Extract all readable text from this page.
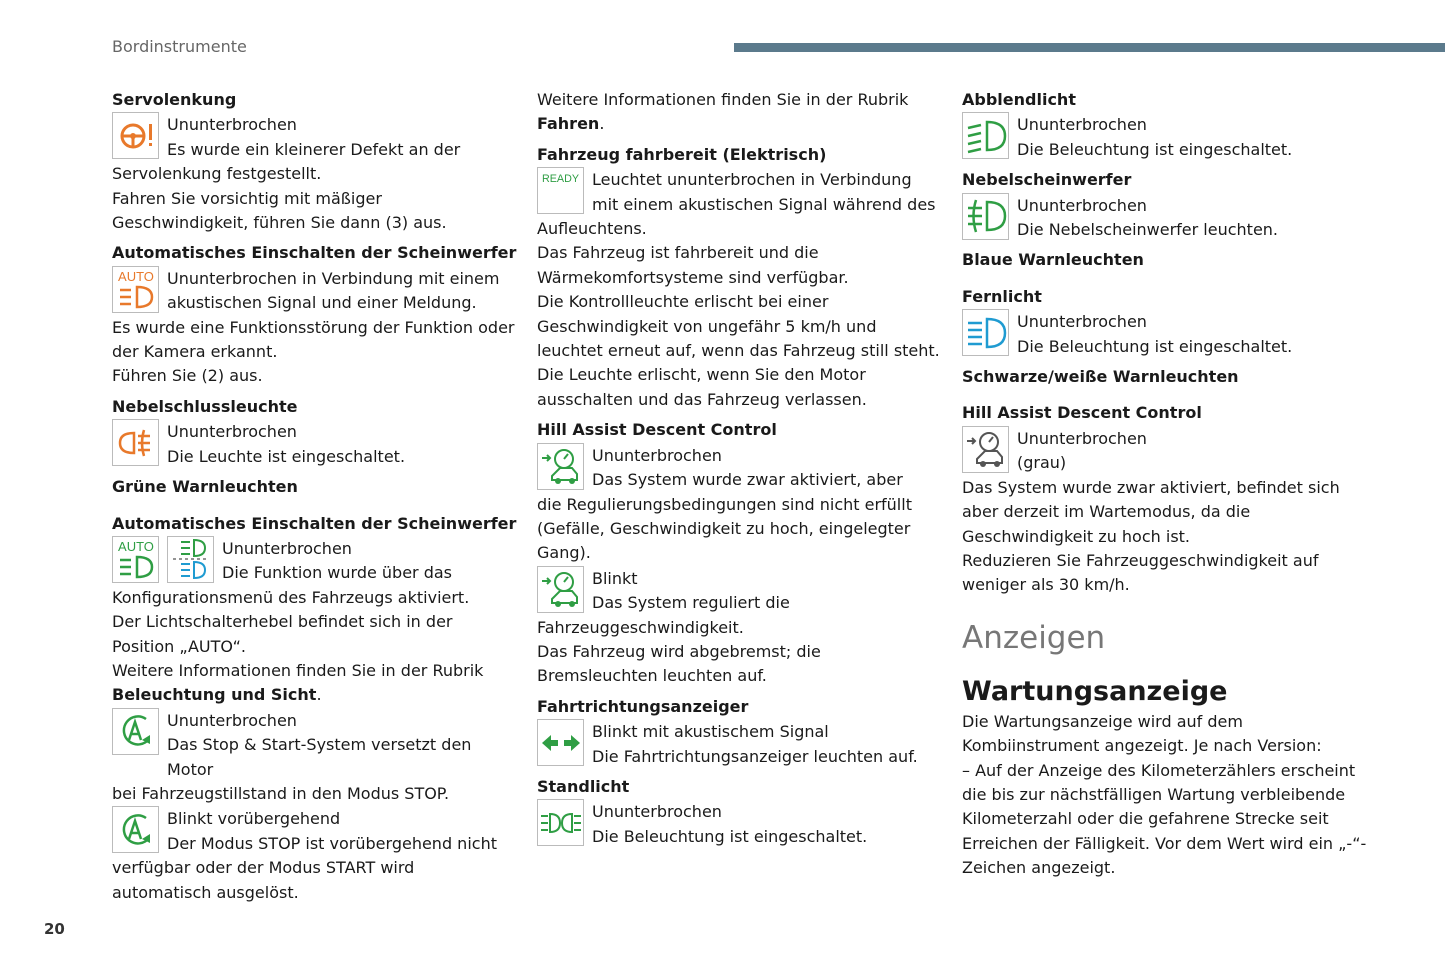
Bordinstrumente
Servolenkung

Ununterbrochen

Es wurde ein kleinerer Defekt an der

Servolenkung festgestellt.

Fahren Sie vorsichtig mit mäßiger Geschwindigkeit, führen Sie dann (3) aus.

Automatisches Einschalten der Scheinwerfer
AUTO Ununterbrochen in Verbindung mit einem

akustischen Signal und einer Meldung.

Es wurde eine Funktionsstörung der Funktion oder der Kamera erkannt.

Führen Sie (2) aus.

Nebelschlussleuchte

Ununterbrochen

Die Leuchte ist eingeschaltet.

Grüne Warnleuchten
Automatisches Einschalten der Scheinwerfer
AUTO	Ununterbrochen

Die Funktion wurde über das

Konfigurationsmenü des Fahrzeugs aktiviert.

Der Lichtschalterhebel befindet sich in der Position „AUTO“.

Weitere Informationen finden Sie in der Rubrik Beleuchtung und Sicht.

Ununterbrochen

Das Stop & Start-System versetzt den Motor

bei Fahrzeugstillstand in den Modus STOP.

Blinkt vorübergehend

Der Modus STOP ist vorübergehend nicht

verfügbar oder der Modus START wird automatisch ausgelöst.

Weitere Informationen finden Sie in der Rubrik
Fahren.

Fahrzeug fahrbereit (Elektrisch)
READY Leuchtet ununterbrochen in Verbindung

mit einem akustischen Signal während des

Aufleuchtens.

Das Fahrzeug ist fahrbereit und die Wärmekomfortsysteme sind verfügbar.

Die Kontrollleuchte erlischt bei einer Geschwindigkeit von ungefähr 5 km/h und leuchtet erneut auf, wenn das Fahrzeug still steht.

Die Leuchte erlischt, wenn Sie den Motor ausschalten und das Fahrzeug verlassen.

Hill Assist Descent Control

Ununterbrochen

Das System wurde zwar aktiviert, aber

die Regulierungsbedingungen sind nicht erfüllt (Gefälle, Geschwindigkeit zu hoch, eingelegter Gang).

Blinkt

Das System reguliert die

Fahrzeuggeschwindigkeit.

Das Fahrzeug wird abgebremst; die Bremsleuchten leuchten auf.

Fahrtrichtungsanzeiger

Blinkt mit akustischem Signal

Die Fahrtrichtungsanzeiger leuchten auf.

Standlicht

Ununterbrochen

Die Beleuchtung ist eingeschaltet.

Abblendlicht

Ununterbrochen

Die Beleuchtung ist eingeschaltet.

Nebelscheinwerfer

Ununterbrochen

Die Nebelscheinwerfer leuchten.

Blaue Warnleuchten
Fernlicht

Ununterbrochen

Die Beleuchtung ist eingeschaltet.

Schwarze/weiße Warnleuchten
Hill Assist Descent Control

Ununterbrochen

(grau)

Das System wurde zwar aktiviert, befindet sich aber derzeit im Wartemodus, da die Geschwindigkeit zu hoch ist.

Reduzieren Sie Fahrzeuggeschwindigkeit auf weniger als 30 km/h.

Anzeigen
Wartungsanzeige

Die Wartungsanzeige wird auf dem Kombiinstrument angezeigt. Je nach Version:

– Auf der Anzeige des Kilometerzählers erscheint die bis zur nächstfälligen Wartung verbleibende Kilometerzahl oder die gefahrene Strecke seit Erreichen der Fälligkeit. Vor dem Wert wird ein „-“-Zeichen angezeigt.

20
